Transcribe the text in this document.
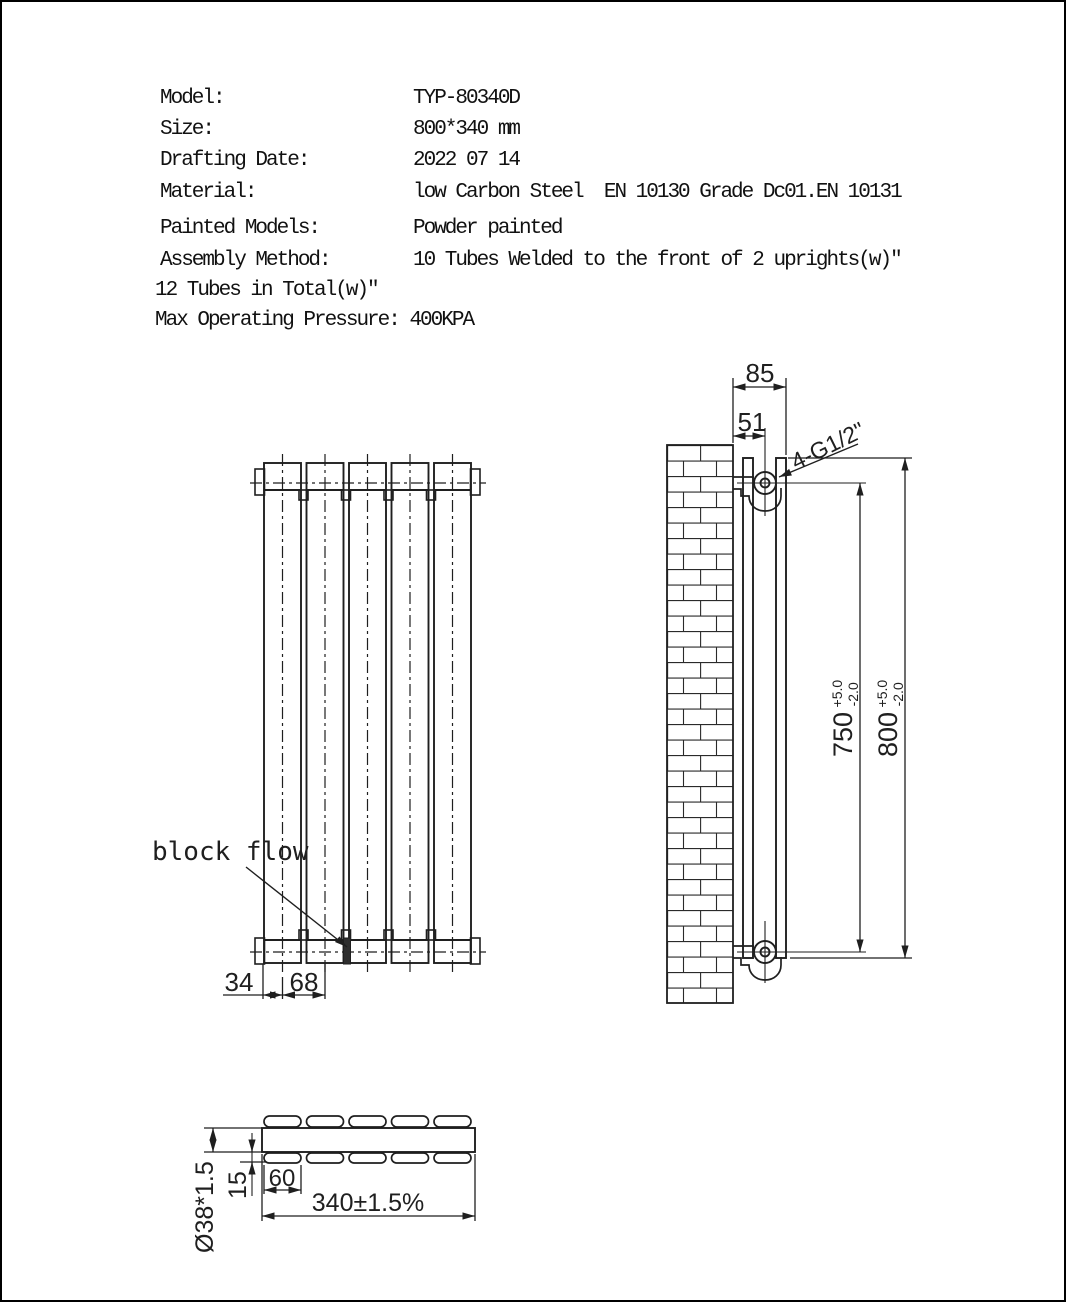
Model:	TYP-80340D
Size:	800*340 mm
Drafting Date:	2022 07 14
Material:	low Carbon Steel  EN 10130 Grade Dc01.EN 10131
Painted Models:	Powder painted
Assembly Method:	10 Tubes Welded to the front of 2 uprights(w)"
12 Tubes in Total(w)"
Max Operating Pressure: 400KPA
block flow
34 68
85
51 4-G1/2"
750 +5.0 -2.0
800 +5.0 -2.0
Ø38*1.5 15 60
340±1.5%
